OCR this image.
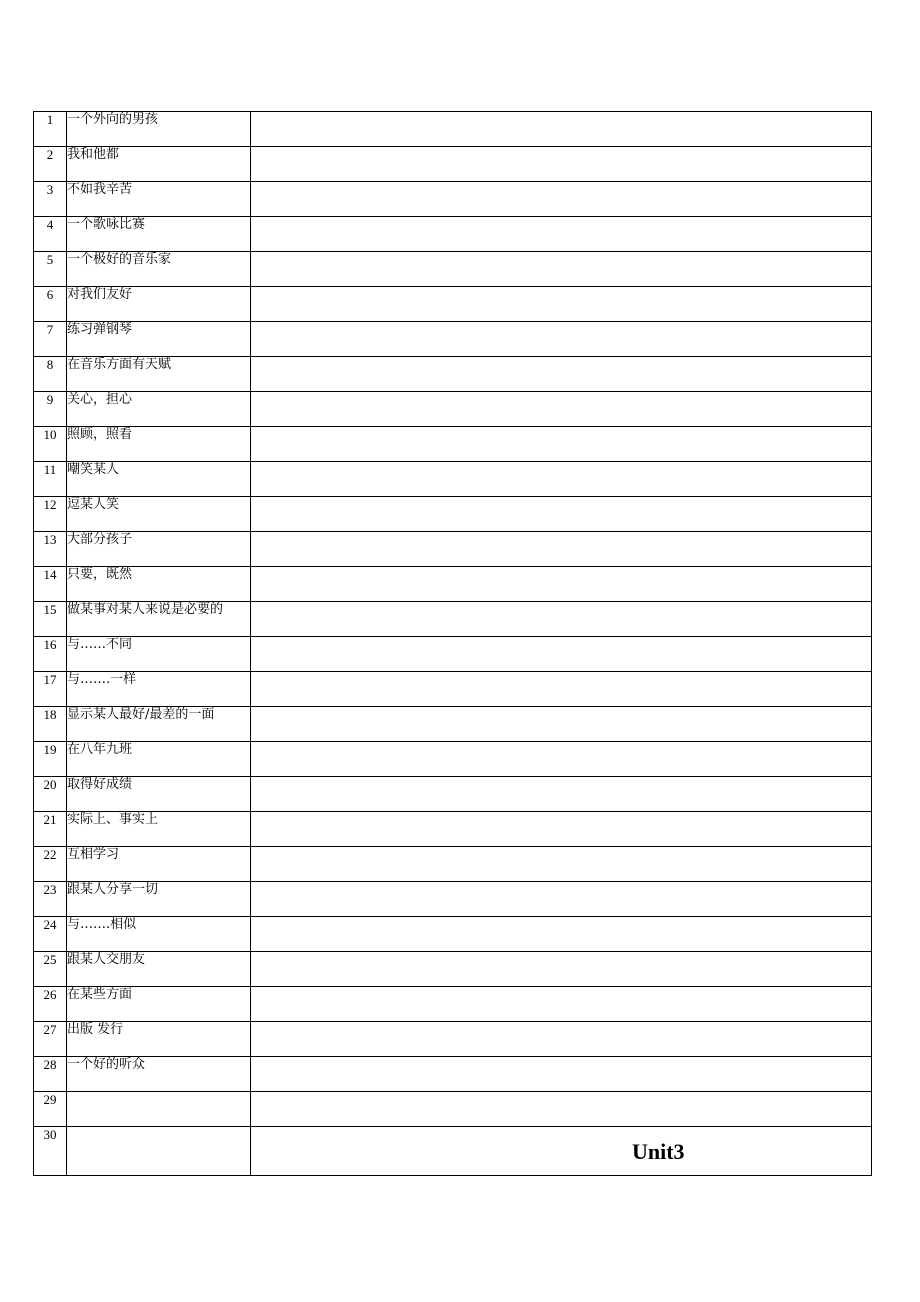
1	一个外向的男孩	
2	我和他都	
3	不如我辛苦	
4	一个歌咏比赛	
5	一个极好的音乐家	
6	对我们友好	
7	练习弹钢琴	
8	在音乐方面有天赋	
9	关心，担心	
10	照顾，照看	
11	嘲笑某人	
12	逗某人笑	
13	大部分孩子	
14	只要，既然	
15	做某事对某人来说是必要的	
16	与……不同	
17	与…….一样	
18	显示某人最好/最差的一面	
19	在八年九班	
20	取得好成绩	
21	实际上、事实上	
22	互相学习	
23	跟某人分享一切	
24	与…….相似	
25	跟某人交朋友	
26	在某些方面	
27	出版 发行	
28	一个好的听众	
29		
30		Unit3
